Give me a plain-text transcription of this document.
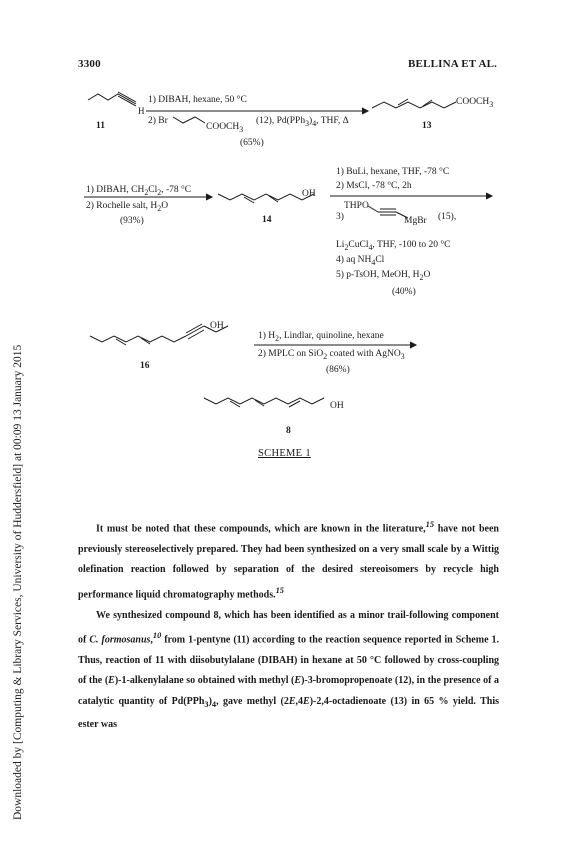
3300	BELLINA ET AL.
Downloaded by [Computing & Library Services, University of Huddersfield] at 00:09 13 January 2015
H
11
1) DIBAH, hexane, 50 °C
2) Br
$COOCH_3$
(12), $Pd(PPh_3)_4$, THF, Δ
(65%)
$COOCH_3$
13
1) DIBAH, $CH_2Cl_2$, -78 °C
2) Rochelle salt, $H_2O$
(93%)
OH
14
1) BuLi, hexane, THF, -78 °C
2) MsCl, -78 °C, 2h
THPO
3)	MgBr (15),
$Li_2CuCl_4$, THF, -100 to 20 °C
4) aq $NH_4Cl$
5) p-TsOH, MeOH, $H_2O$
(40%)
OH
16
1) $H_2$, Lindlar, quinoline, hexane
2) MPLC on SiO$_2$ coated with AgNO$_3$
(86%)
OH
8
SCHEME 1

It must be noted that these compounds, which are known in the literature,$^{15}$ have not been previously stereoselectively prepared. They had been synthesized on a very small scale by a Wittig olefination reaction followed by separation of the desired stereoisomers by recycle high performance liquid chromatography methods.$^{15}$

We synthesized compound 8, which has been identified as a minor trail-following component of C. formosanus,$^{10}$ from 1-pentyne (11) according to the reaction sequence reported in Scheme 1. Thus, reaction of 11 with diisobutylalane (DIBAH) in hexane at 50 °C followed by cross-coupling of the (E)-1-alkenylalane so obtained with methyl (E)-3-bromopropenoate (12), in the presence of a catalytic quantity of $Pd(PPh_3)_4$, gave methyl (2E,4E)-2,4-octadienoate (13) in 65 % yield. This ester was
